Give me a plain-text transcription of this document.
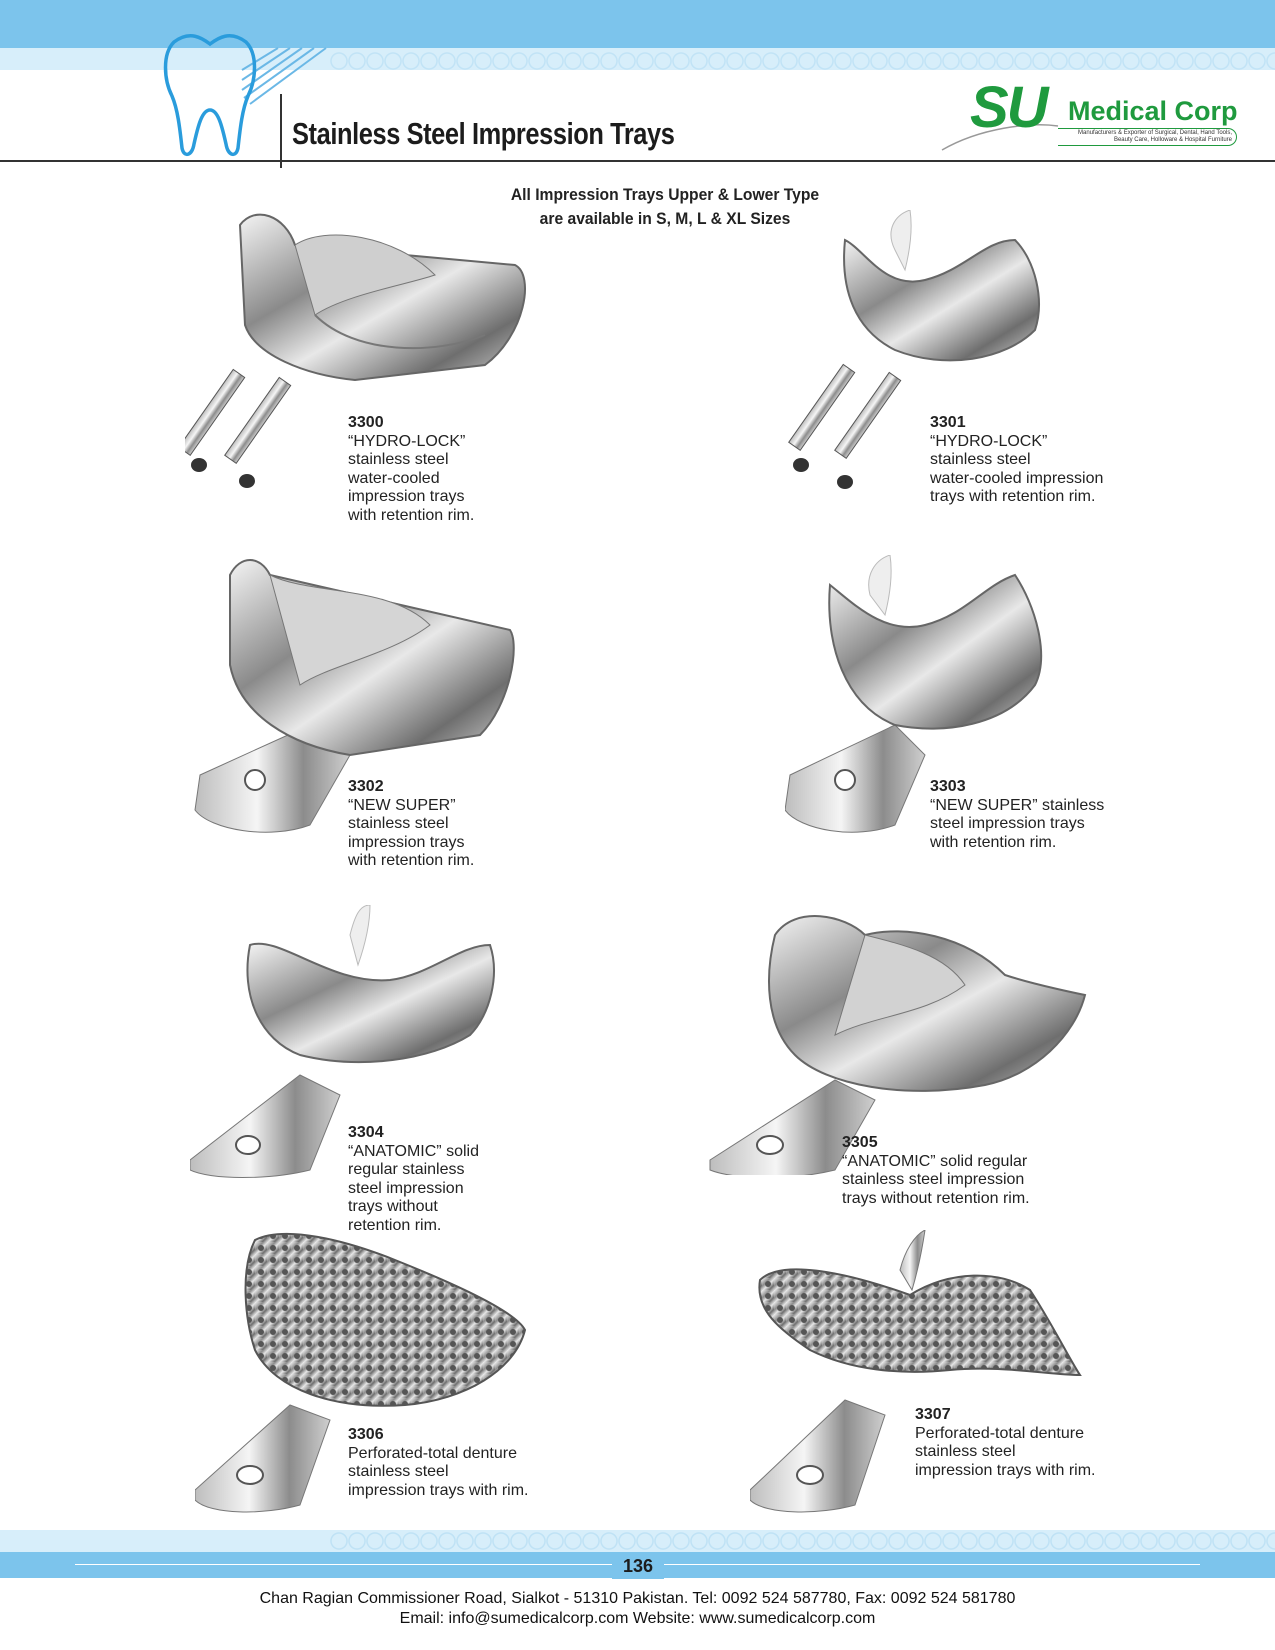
Stainless Steel Impression Trays	SU Medical Corp
Manufacturers & Exporter of Surgical, Dental, Hand Tools,
Beauty Care, Holloware & Hospital Furniture
All Impression Trays Upper & Lower Type
are available in S, M, L & XL Sizes
3300
“HYDRO-LOCK”
stainless steel
water-cooled
impression trays
with retention rim.
3301
“HYDRO-LOCK”
stainless steel
water-cooled impression
trays with retention rim.
3302
“NEW SUPER”
stainless steel
impression trays
with retention rim.
3303
“NEW SUPER” stainless
steel impression trays
with retention rim.
3304
“ANATOMIC” solid
regular stainless
steel impression
trays without
retention rim.
3305
“ANATOMIC” solid regular
stainless steel impression
trays without retention rim.
3306
Perforated-total denture
stainless steel
impression trays with rim.
3307
Perforated-total denture
stainless steel
impression trays with rim.
136
Chan Ragian Commissioner Road, Sialkot - 51310 Pakistan. Tel: 0092 524 587780, Fax: 0092 524 581780
Email: info@sumedicalcorp.com Website: www.sumedicalcorp.com
